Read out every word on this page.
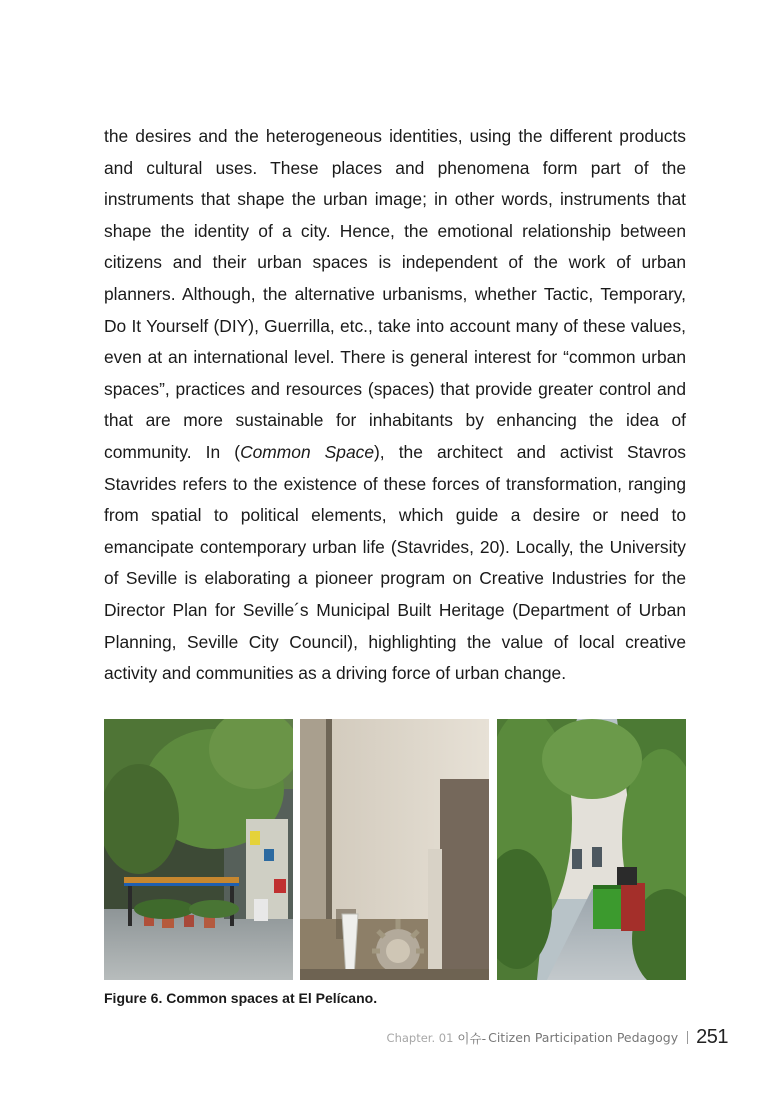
the desires and the heterogeneous identities, using the different products and cultural uses. These places and phenomena form part of the instruments that shape the urban image; in other words, instruments that shape the identity of a city. Hence, the emotional relationship between citizens and their urban spaces is independent of the work of urban planners. Although, the alternative urbanisms, whether Tactic, Temporary, Do It Yourself (DIY), Guerrilla, etc., take into account many of these values, even at an international level. There is general interest for “common urban spaces”, practices and resources (spaces) that provide greater control and that are more sustainable for inhabitants by enhancing the idea of community. In (Common Space), the architect and activist Stavros Stavrides refers to the existence of these forces of transformation, ranging from spatial to political elements, which guide a desire or need to emancipate contemporary urban life (Stavrides, 20). Locally, the University of Seville is elaborating a pioneer program on Creative Industries for the Director Plan for Seville´s Municipal Built Heritage (Department of Urban Planning, Seville City Council), highlighting the value of local creative activity and communities as a driving force of urban change.

Figure 6. Common spaces at El Pelícano.
Chapter. 01 이슈- Citizen Participation Pedagogy 251
